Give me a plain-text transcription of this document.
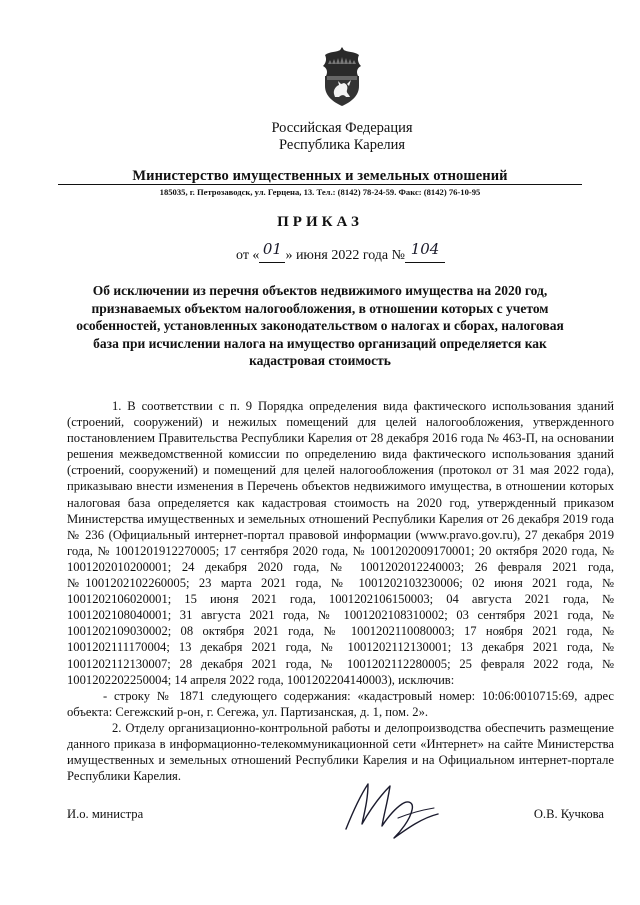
Российская Федерация
Республика Карелия
Министерство имущественных и земельных отношений
185035, г. Петрозаводск, ул. Герцена, 13. Тел.: (8142) 78-24-59. Факс: (8142) 76-10-95
ПРИКАЗ
от « 01 » июня 2022 года № 104
Об исключении из перечня объектов недвижимого имущества на 2020 год, признаваемых объектом налогообложения, в отношении которых с учетом особенностей, установленных законодательством о налогах и сборах, налоговая база при исчислении налога на имущество организаций определяется как кадастровая стоимость

1. В соответствии с п. 9 Порядка определения вида фактического использования зданий (строений, сооружений) и нежилых помещений для целей налогообложения, утвержденного постановлением Правительства Республики Карелия от 28 декабря 2016 года № 463-П, на основании решения межведомственной комиссии по определению вида фактического использования зданий (строений, сооружений) и помещений для целей налогообложения (протокол от 31 мая 2022 года), приказываю внести изменения в Перечень объектов недвижимого имущества, в отношении которых налоговая база определяется как кадастровая стоимость на 2020 год, утвержденный приказом Министерства имущественных и земельных отношений Республики Карелия от 26 декабря 2019 года № 236 (Официальный интернет-портал правовой информации (www.pravo.gov.ru), 27 декабря 2019 года, № 1001201912270005; 17 сентября 2020 года, № 1001202009170001; 20 октября 2020 года, № 1001202010200001; 24 декабря 2020 года, № 1001202012240003; 26 февраля 2021 года, №1001202102260005; 23 марта 2021 года, № 1001202103230006; 02 июня 2021 года, № 1001202106020001; 15 июня 2021 года, 1001202106150003; 04 августа 2021 года, № 1001202108040001; 31 августа 2021 года, № 1001202108310002; 03 сентября 2021 года, № 1001202109030002; 08 октября 2021 года, № 1001202110080003; 17 ноября 2021 года, № 1001202111170004; 13 декабря 2021 года, № 1001202112130001; 13 декабря 2021 года, № 1001202112130007; 28 декабря 2021 года, № 1001202112280005; 25 февраля 2022 года, № 1001202202250004; 14 апреля 2022 года, 1001202204140003), исключив:

- строку № 1871 следующего содержания: «кадастровый номер: 10:06:0010715:69, адрес объекта: Сегежский р-он, г. Сегежа, ул. Партизанская, д. 1, пом. 2».

2. Отделу организационно-контрольной работы и делопроизводства обеспечить размещение данного приказа в информационно-телекоммуникационной сети «Интернет» на сайте Министерства имущественных и земельных отношений Республики Карелия и на Официальном интернет-портале Республики Карелия.

И.о. министра	О.В. Кучкова
